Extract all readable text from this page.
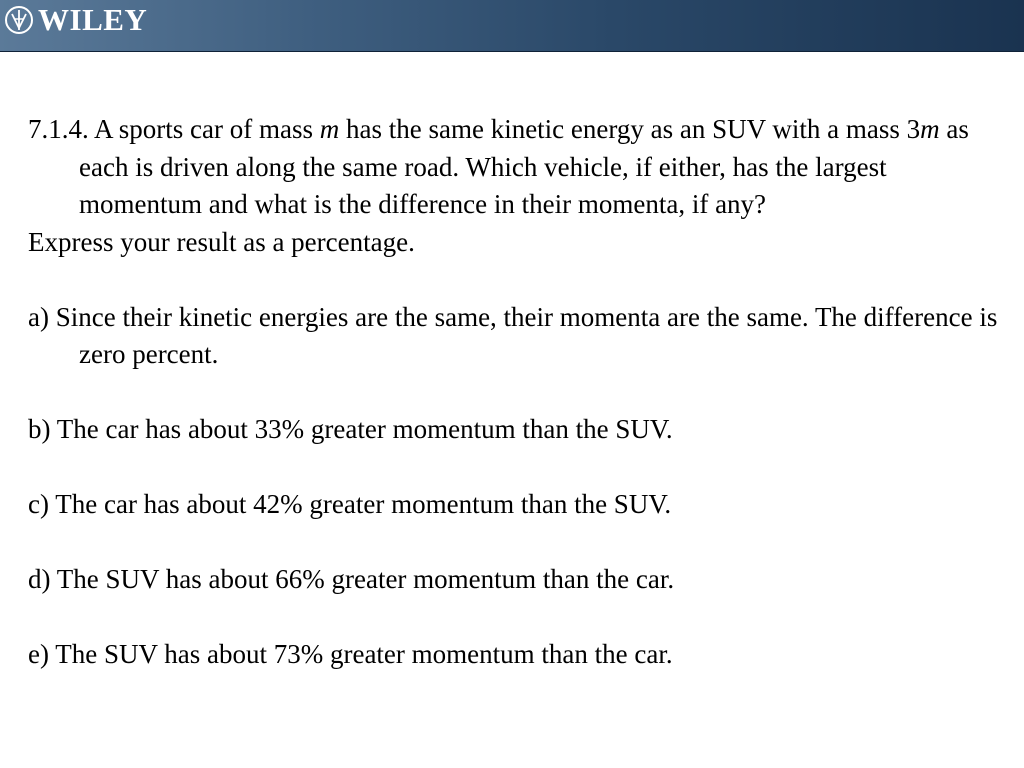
WILEY

7.1.4. A sports car of mass m has the same kinetic energy as an SUV with a mass 3m as each is driven along the same road. Which vehicle, if either, has the largest momentum and what is the difference in their momenta, if any?

Express your result as a percentage.

a) Since their kinetic energies are the same, their momenta are the same. The difference is zero percent.

b) The car has about 33% greater momentum than the SUV.

c) The car has about 42% greater momentum than the SUV.

d) The SUV has about 66% greater momentum than the car.

e) The SUV has about 73% greater momentum than the car.
